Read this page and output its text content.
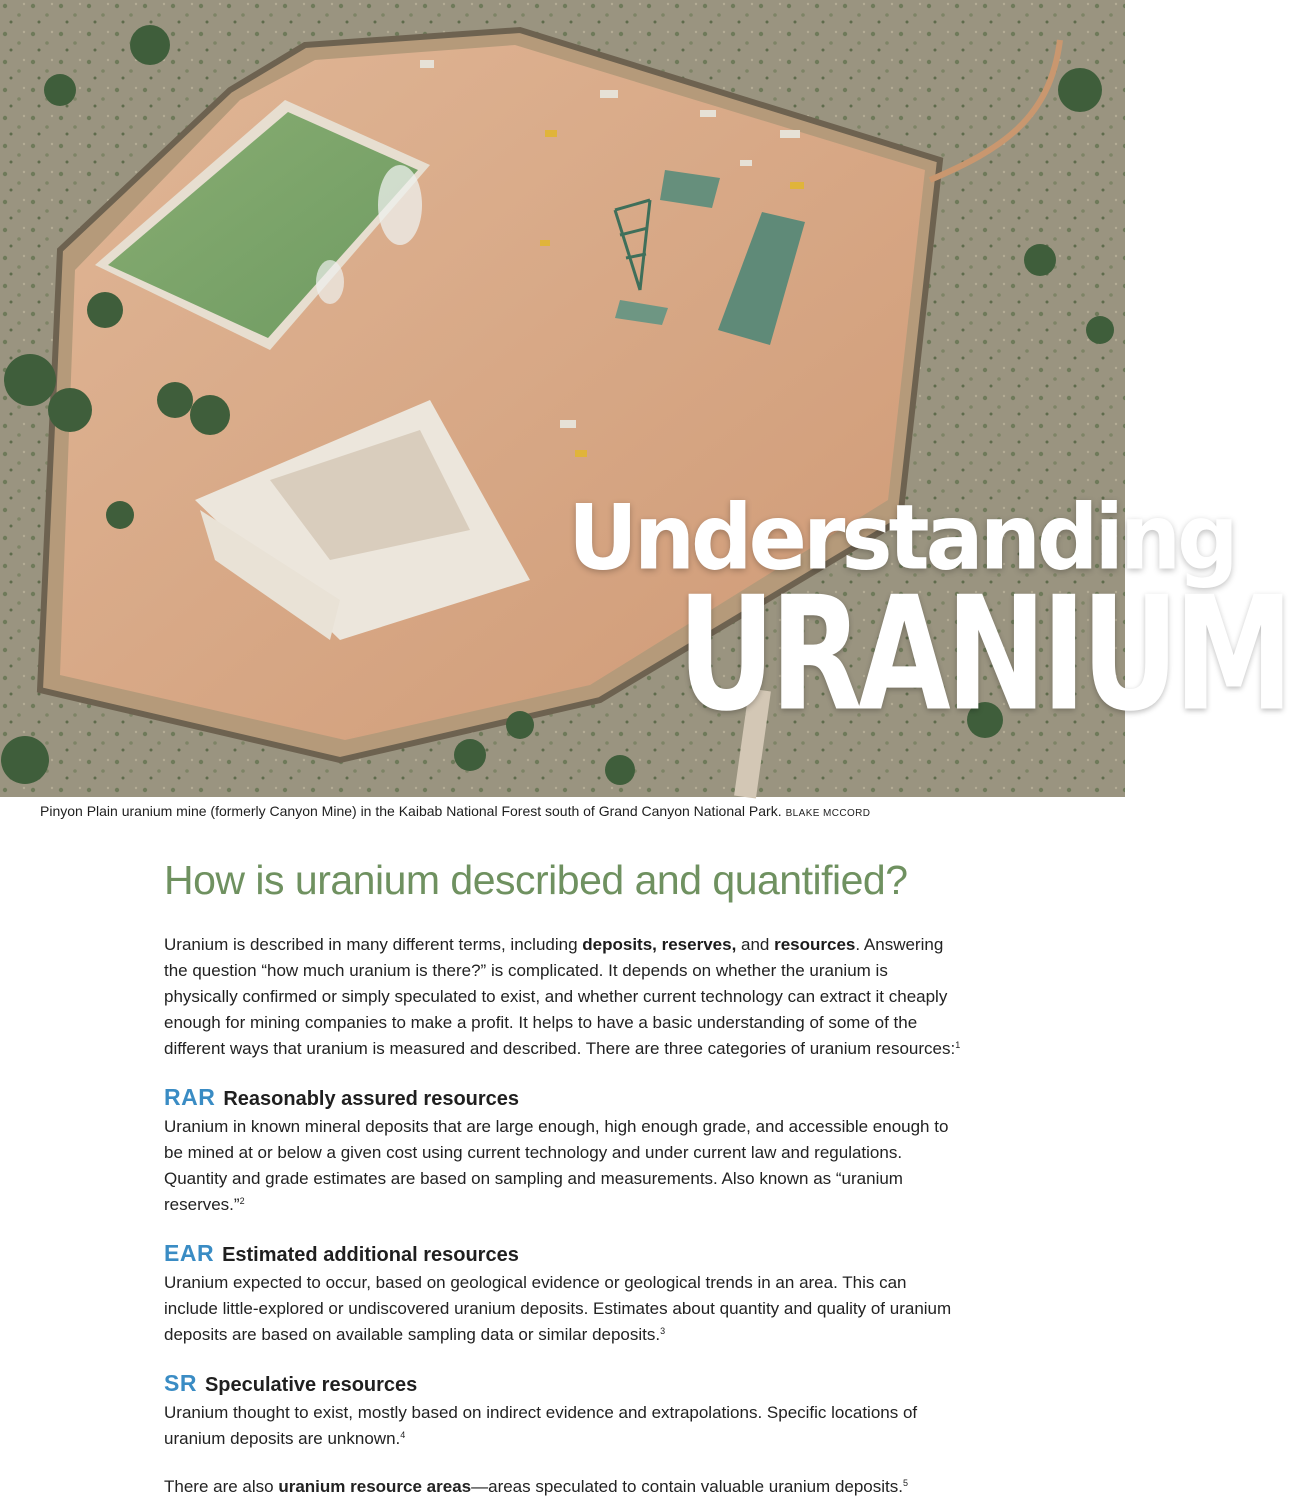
Understanding
URANIUM
Pinyon Plain uranium mine (formerly Canyon Mine) in the Kaibab National Forest south of Grand Canyon National Park. BLAKE MCCORD
How is uranium described and quantified?

Uranium is described in many different terms, including deposits, reserves, and resources. Answering the question “how much uranium is there?” is complicated. It depends on whether the uranium is physically confirmed or simply speculated to exist, and whether current technology can extract it cheaply enough for mining companies to make a profit. It helps to have a basic understanding of some of the different ways that uranium is measured and described. There are three categories of uranium resources:$^1$

RAR Reasonably assured resources

Uranium in known mineral deposits that are large enough, high enough grade, and accessible enough to be mined at or below a given cost using current technology and under current law and regulations. Quantity and grade estimates are based on sampling and measurements. Also known as “uranium reserves.”$^2$

EAR Estimated additional resources

Uranium expected to occur, based on geological evidence or geological trends in an area. This can include little-explored or undiscovered uranium deposits. Estimates about quantity and quality of uranium deposits are based on available sampling data or similar deposits.$^3$

SR Speculative resources

Uranium thought to exist, mostly based on indirect evidence and extrapolations. Specific locations of uranium deposits are unknown.$^4$

There are also uranium resource areas—areas speculated to contain valuable uranium deposits.$^5$
